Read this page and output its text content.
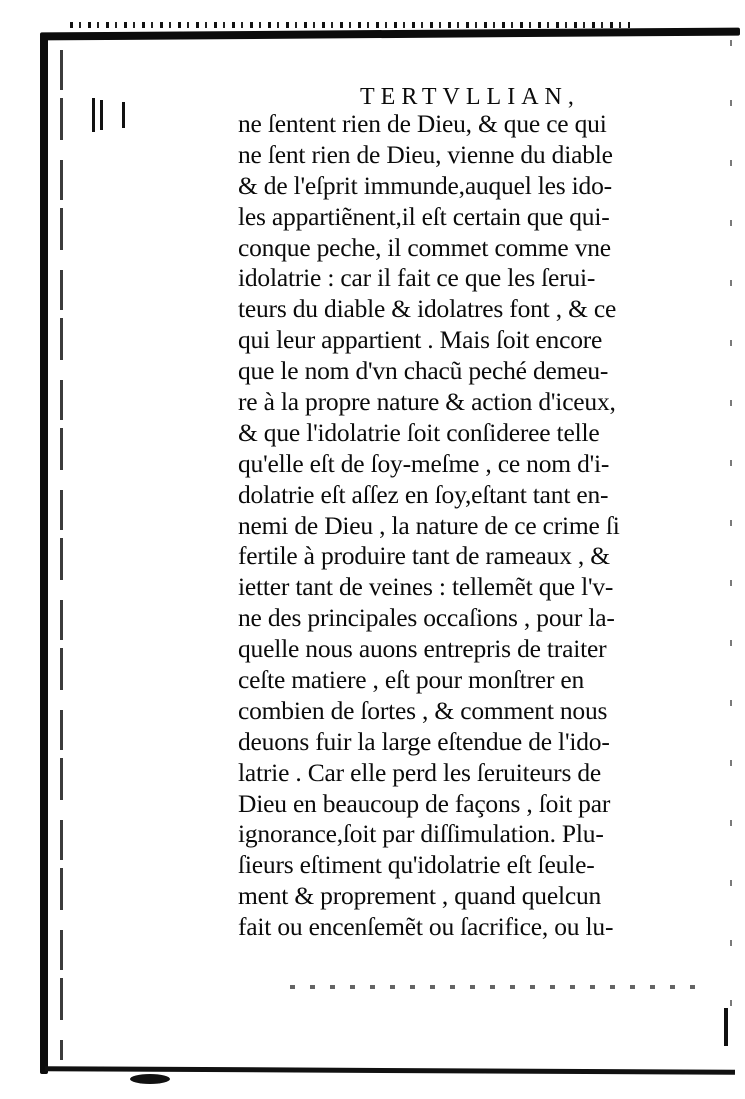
TERTVLLIAN,
ne ſentent rien de Dieu, & que ce qui
ne ſent rien de Dieu, vienne du diable
& de l'eſprit immunde,auquel les ido-
les appartiẽnent,il eſt certain que qui-
conque peche, il commet comme vne
idolatrie : car il fait ce que les ſerui-
teurs du diable & idolatres font , & ce
qui leur appartient . Mais ſoit encore
que le nom d'vn chacũ peché demeu-
re à la propre nature & action d'iceux,
& que l'idolatrie ſoit conſideree telle
qu'elle eſt de ſoy-meſme , ce nom d'i-
dolatrie eſt aſſez en ſoy,eſtant tant en-
nemi de Dieu , la nature de ce crime ſi
fertile à produire tant de rameaux , &
ietter tant de veines : tellemẽt que l'v-
ne des principales occaſions , pour la-
quelle nous auons entrepris de traiter
ceſte matiere , eſt pour monſtrer en
combien de ſortes , & comment nous
deuons fuir la large eſtendue de l'ido-
latrie . Car elle perd les ſeruiteurs de
Dieu en beaucoup de façons , ſoit par
ignorance,ſoit par diſſimulation. Plu-
ſieurs eſtiment qu'idolatrie eſt ſeule-
ment & proprement , quand quelcun
fait ou encenſemẽt ou ſacrifice, ou lu-
